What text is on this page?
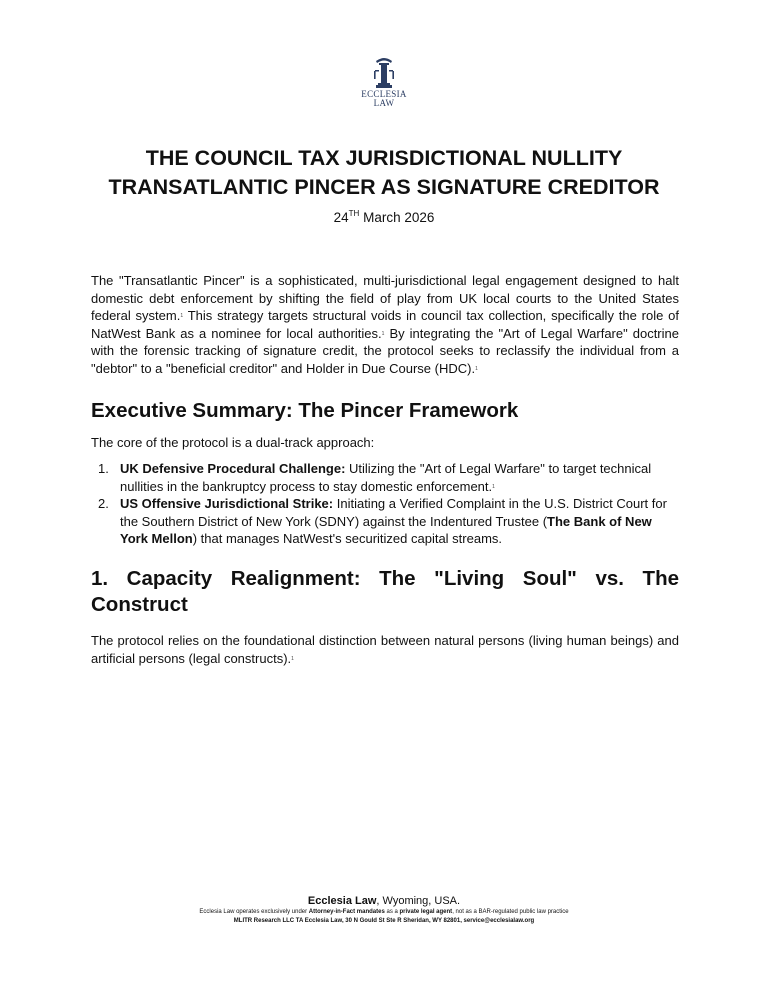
ECCLESIA
LAW
THE COUNCIL TAX JURISDICTIONAL NULLITY
TRANSATLANTIC PINCER AS SIGNATURE CREDITOR
24TH March 2026

The "Transatlantic Pincer" is a sophisticated, multi-jurisdictional legal engagement designed to halt domestic debt enforcement by shifting the field of play from UK local courts to the United States federal system.$^1$ This strategy targets structural voids in council tax collection, specifically the role of NatWest Bank as a nominee for local authorities.$^1$ By integrating the "Art of Legal Warfare" doctrine with the forensic tracking of signature credit, the protocol seeks to reclassify the individual from a "debtor" to a "beneficial creditor" and Holder in Due Course (HDC).$^1$

Executive Summary: The Pincer Framework

The core of the protocol is a dual-track approach:

1. UK Defensive Procedural Challenge: Utilizing the "Art of Legal Warfare" to target technical nullities in the bankruptcy process to stay domestic enforcement.$^1$
2. US Offensive Jurisdictional Strike: Initiating a Verified Complaint in the U.S. District Court for the Southern District of New York (SDNY) against the Indentured Trustee (The Bank of New York Mellon) that manages NatWest's securitized capital streams.
1. Capacity Realignment: The "Living Soul" vs. The Construct

The protocol relies on the foundational distinction between natural persons (living human beings) and artificial persons (legal constructs).$^1$

Ecclesia Law, Wyoming, USA.
Ecclesia Law operates exclusively under Attorney-in-Fact mandates as a private legal agent, not as a BAR-regulated public law practice
MLITR Research LLC TA Ecclesia Law, 30 N Gould St Ste R Sheridan, WY 82801, service@ecclesialaw.org
